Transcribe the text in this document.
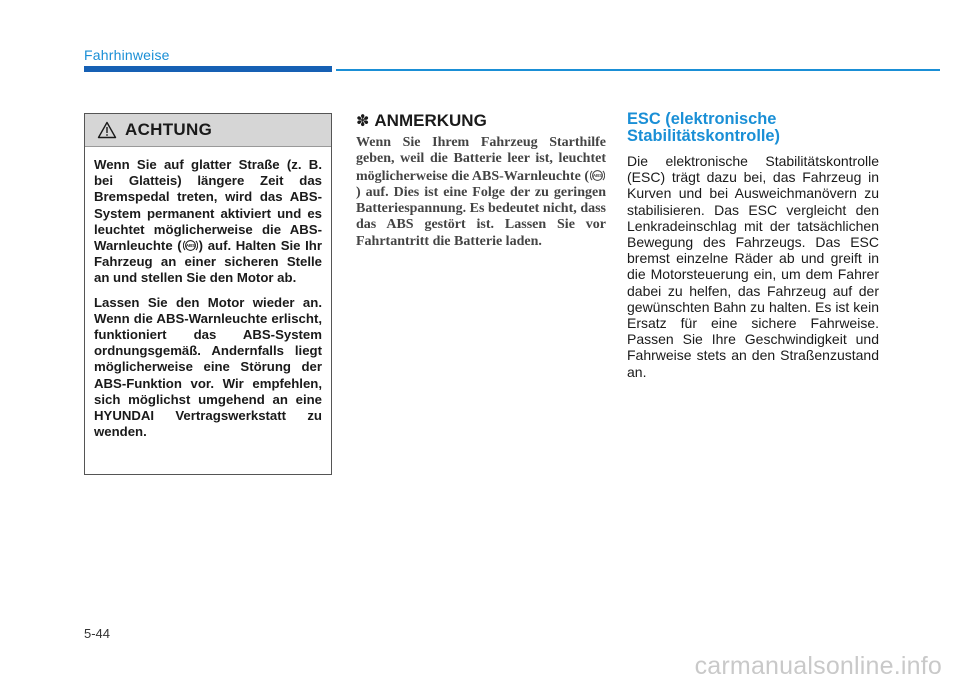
Fahrhinweise
ACHTUNG

Wenn Sie auf glatter Straße (z. B. bei Glatteis) längere Zeit das Bremspedal treten, wird das ABS-System permanent aktiviert und es leuchtet möglicherweise die ABS-Warnleuchte ( ABS ) auf. Halten Sie Ihr Fahrzeug an einer sicheren Stelle an und stellen Sie den Motor ab.

Lassen Sie den Motor wieder an. Wenn die ABS-Warnleuchte erlischt, funktioniert das ABS-System ordnungsgemäß. Andernfalls liegt möglicherweise eine Störung der ABS-Funktion vor. Wir empfehlen, sich möglichst umgehend an eine HYUNDAI Vertragswerkstatt zu wenden.

✽ ANMERKUNG

Wenn Sie Ihrem Fahrzeug Starthilfe geben, weil die Batterie leer ist, leuchtet möglicherweise die ABS-Warnleuchte ( ABS
) auf. Dies ist eine Folge der zu geringen Batteriespannung. Es bedeutet nicht, dass das ABS gestört ist. Lassen Sie vor Fahrtantritt die Batterie laden.

ESC (elektronische
Stabilitätskontrolle)

Die elektronische Stabilitätskontrolle (ESC) trägt dazu bei, das Fahrzeug in Kurven und bei Ausweichmanövern zu stabilisieren. Das ESC vergleicht den Lenkradeinschlag mit der tatsächlichen Bewegung des Fahrzeugs. Das ESC bremst einzelne Räder ab und greift in die Motorsteuerung ein, um dem Fahrer dabei zu helfen, das Fahrzeug auf der gewünschten Bahn zu halten. Es ist kein Ersatz für eine sichere Fahrweise. Passen Sie Ihre Geschwindigkeit und Fahrweise stets an den Straßenzustand an.

5-44
carmanualsonline.info
